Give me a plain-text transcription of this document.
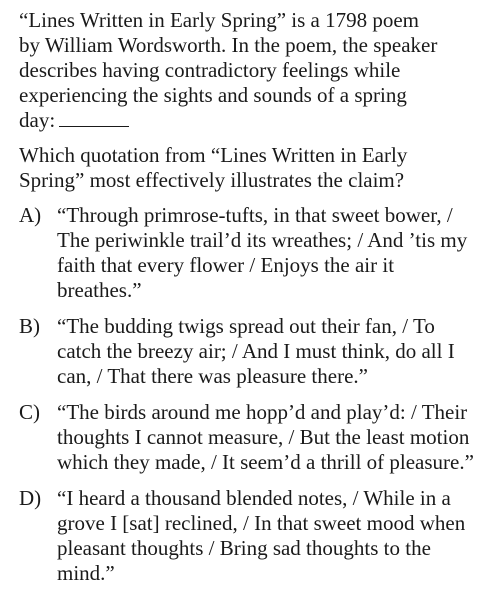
“Lines Written in Early Spring” is a 1798 poem by William Wordsworth. In the poem, the speaker describes having contradictory feelings while experiencing the sights and sounds of a spring day:

Which quotation from “Lines Written in Early Spring” most effectively illustrates the claim?

A) “Through primrose-tufts, in that sweet bower, / The periwinkle trail’d its wreathes; / And ’tis my faith that every flower / Enjoys the air it breathes.”
B) “The budding twigs spread out their fan, / To catch the breezy air; / And I must think, do all I can, / That there was pleasure there.”
C) “The birds around me hopp’d and play’d: / Their thoughts I cannot measure, / But the least motion which they made, / It seem’d a thrill of pleasure.”
D) “I heard a thousand blended notes, / While in a grove I [sat] reclined, / In that sweet mood when pleasant thoughts / Bring sad thoughts to the mind.”
